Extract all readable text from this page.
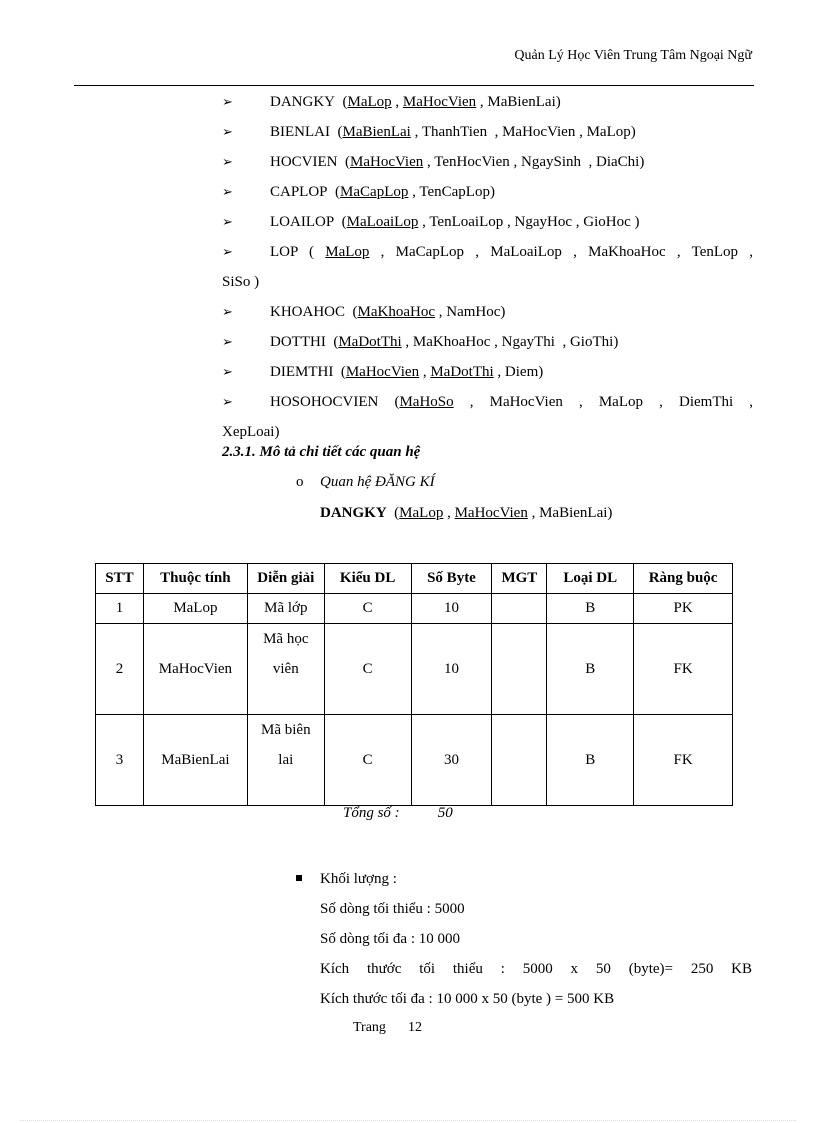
Quản Lý Học Viên Trung Tâm Ngoại Ngữ
➢ DANGKY  (MaLop , MaHocVien , MaBienLai)
➢ BIENLAI  (MaBienLai , ThanhTien  , MaHocVien , MaLop)
➢ HOCVIEN  (MaHocVien , TenHocVien , NgaySinh  , DiaChi)
➢ CAPLOP  (MaCapLop , TenCapLop)
➢ LOAILOP  (MaLoaiLop , TenLoaiLop , NgayHoc , GioHoc )
➢ LOP ( MaLop , MaCapLop , MaLoaiLop , MaKhoaHoc , TenLop ,
SiSo )
➢ KHOAHOC  (MaKhoaHoc , NamHoc)
➢ DOTTHI  (MaDotThi , MaKhoaHoc , NgayThi  , GioThi)
➢ DIEMTHI  (MaHocVien , MaDotThi , Diem)
➢ HOSOHOCVIEN (MaHoSo , MaHocVien , MaLop , DiemThi ,
XepLoai)
2.3.1. Mô tả chi tiết các quan hệ
o Quan hệ ĐĂNG KÍ
DANGKY  (MaLop , MaHocVien , MaBienLai)
STT	Thuộc tính	Diễn giải	Kiểu DL	Số Byte	MGT	Loại DL	Ràng buộc
1	MaLop	Mã lớp	C	10		B	PK
2	MaHocVien	Mã học
viên	C	10		B	FK
3	MaBienLai	Mã biên
lai	C	30		B	FK
Tổng số :	50
Khối lượng :
Số dòng tối thiểu : 5000
Số dòng tối đa : 10 000
Kích thước tối thiểu : 5000 x 50 (byte)= 250 KB
Kích thước tối đa : 10 000 x 50 (byte ) = 500 KB
Trang 12
